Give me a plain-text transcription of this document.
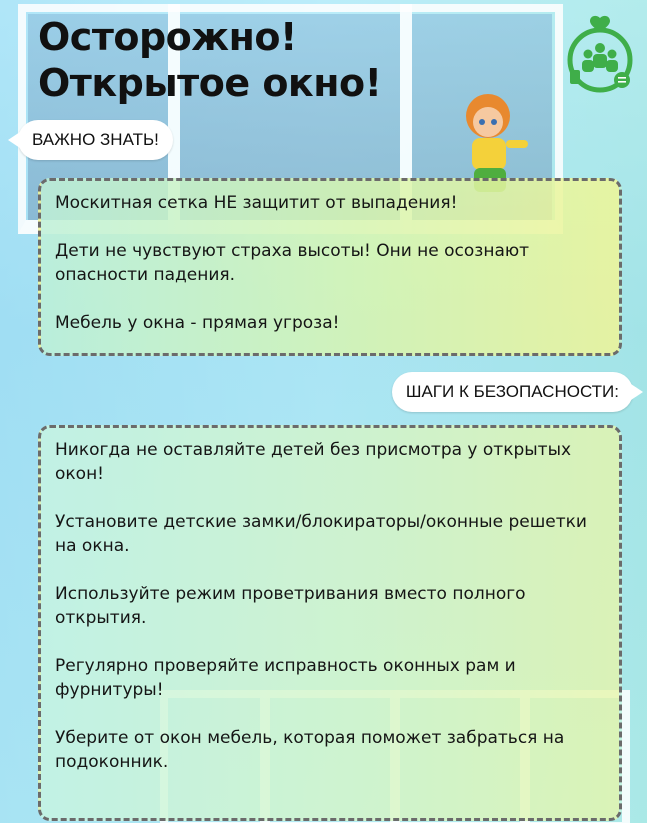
Осторожно!
Открытое окно!
ВАЖНО ЗНАТЬ!

Москитная сетка НЕ защитит от выпадения!

Дети не чувствуют страха высоты! Они не осознают опасности падения.

Мебель у окна - прямая угроза!

ШАГИ К БЕЗОПАСНОСТИ:

Никогда не оставляйте детей без присмотра у открытых окон!

Установите детские замки/блокираторы/оконные решетки на окна.

Используйте режим проветривания вместо полного открытия.

Регулярно проверяйте исправность оконных рам и фурнитуры!

Уберите от окон мебель, которая поможет забраться на подоконник.
